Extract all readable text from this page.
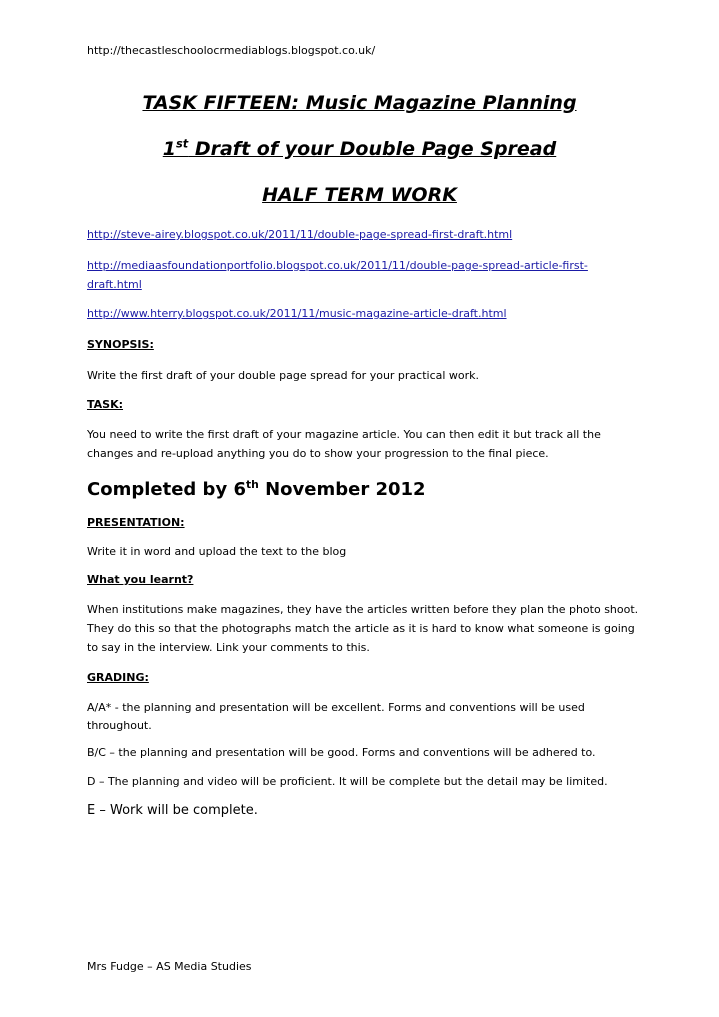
http://thecastleschoolocrmediablogs.blogspot.co.uk/
TASK FIFTEEN: Music Magazine Planning
1st Draft of your Double Page Spread
HALF TERM WORK
http://steve-airey.blogspot.co.uk/2011/11/double-page-spread-first-draft.html
http://mediaasfoundationportfolio.blogspot.co.uk/2011/11/double-page-spread-article-first-
draft.html
http://www.hterry.blogspot.co.uk/2011/11/music-magazine-article-draft.html
SYNOPSIS:
Write the first draft of your double page spread for your practical work.
TASK:
You need to write the first draft of your magazine article. You can then edit it but track all the
changes and re-upload anything you do to show your progression to the final piece.
Completed by 6th November 2012
PRESENTATION:
Write it in word and upload the text to the blog
What you learnt?
When institutions make magazines, they have the articles written before they plan the photo shoot.
They do this so that the photographs match the article as it is hard to know what someone is going
to say in the interview. Link your comments to this.
GRADING:
A/A* - the planning and presentation will be excellent. Forms and conventions will be used
throughout.
B/C – the planning and presentation will be good. Forms and conventions will be adhered to.
D – The planning and video will be proficient. It will be complete but the detail may be limited.
E – Work will be complete.
Mrs Fudge – AS Media Studies
